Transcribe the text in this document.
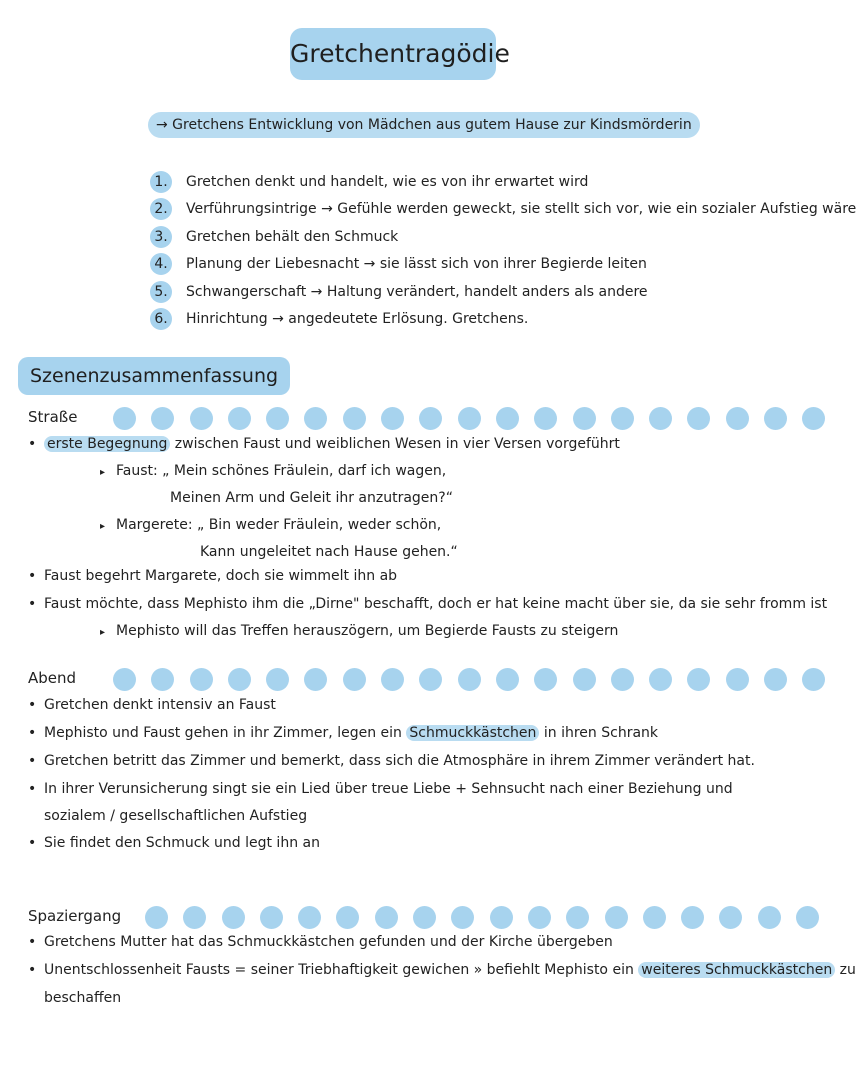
Gretchentragödie
→ Gretchens Entwicklung von Mädchen aus gutem Hause zur Kindsmörderin
1.	Gretchen denkt und handelt, wie es von ihr erwartet wird
2.	Verführungsintrige → Gefühle werden geweckt, sie stellt sich vor, wie ein sozialer Aufstieg wäre
3.	Gretchen behält den Schmuck
4.	Planung der Liebesnacht → sie lässt sich von ihrer Begierde leiten
5.	Schwangerschaft → Haltung verändert, handelt anders als andere
6.	Hinrichtung → angedeutete Erlösung. Gretchens.
Szenenzusammenfassung
Straße
• erste Begegnung zwischen Faust und weiblichen Wesen in vier Versen vorgeführt
▸ Faust: „ Mein schönes Fräulein, darf ich wagen,
Meinen Arm und Geleit ihr anzutragen?“
▸ Margerete: „ Bin weder Fräulein, weder schön,
Kann ungeleitet nach Hause gehen.“
• Faust begehrt Margarete, doch sie wimmelt ihn ab
• Faust möchte, dass Mephisto ihm die „Dirne" beschafft, doch er hat keine macht über sie, da sie sehr fromm ist
▸ Mephisto will das Treffen herauszögern, um Begierde Fausts zu steigern
Abend
• Gretchen denkt intensiv an Faust
• Mephisto und Faust gehen in ihr Zimmer, legen ein Schmuckkästchen in ihren Schrank
• Gretchen betritt das Zimmer und bemerkt, dass sich die Atmosphäre in ihrem Zimmer verändert hat.
• In ihrer Verunsicherung singt sie ein Lied über treue Liebe + Sehnsucht nach einer Beziehung und
sozialem / gesellschaftlichen Aufstieg
• Sie findet den Schmuck und legt ihn an
Spaziergang
• Gretchens Mutter hat das Schmuckkästchen gefunden und der Kirche übergeben
• Unentschlossenheit Fausts = seiner Triebhaftigkeit gewichen » befiehlt Mephisto ein weiteres Schmuckkästchen zu
beschaffen
